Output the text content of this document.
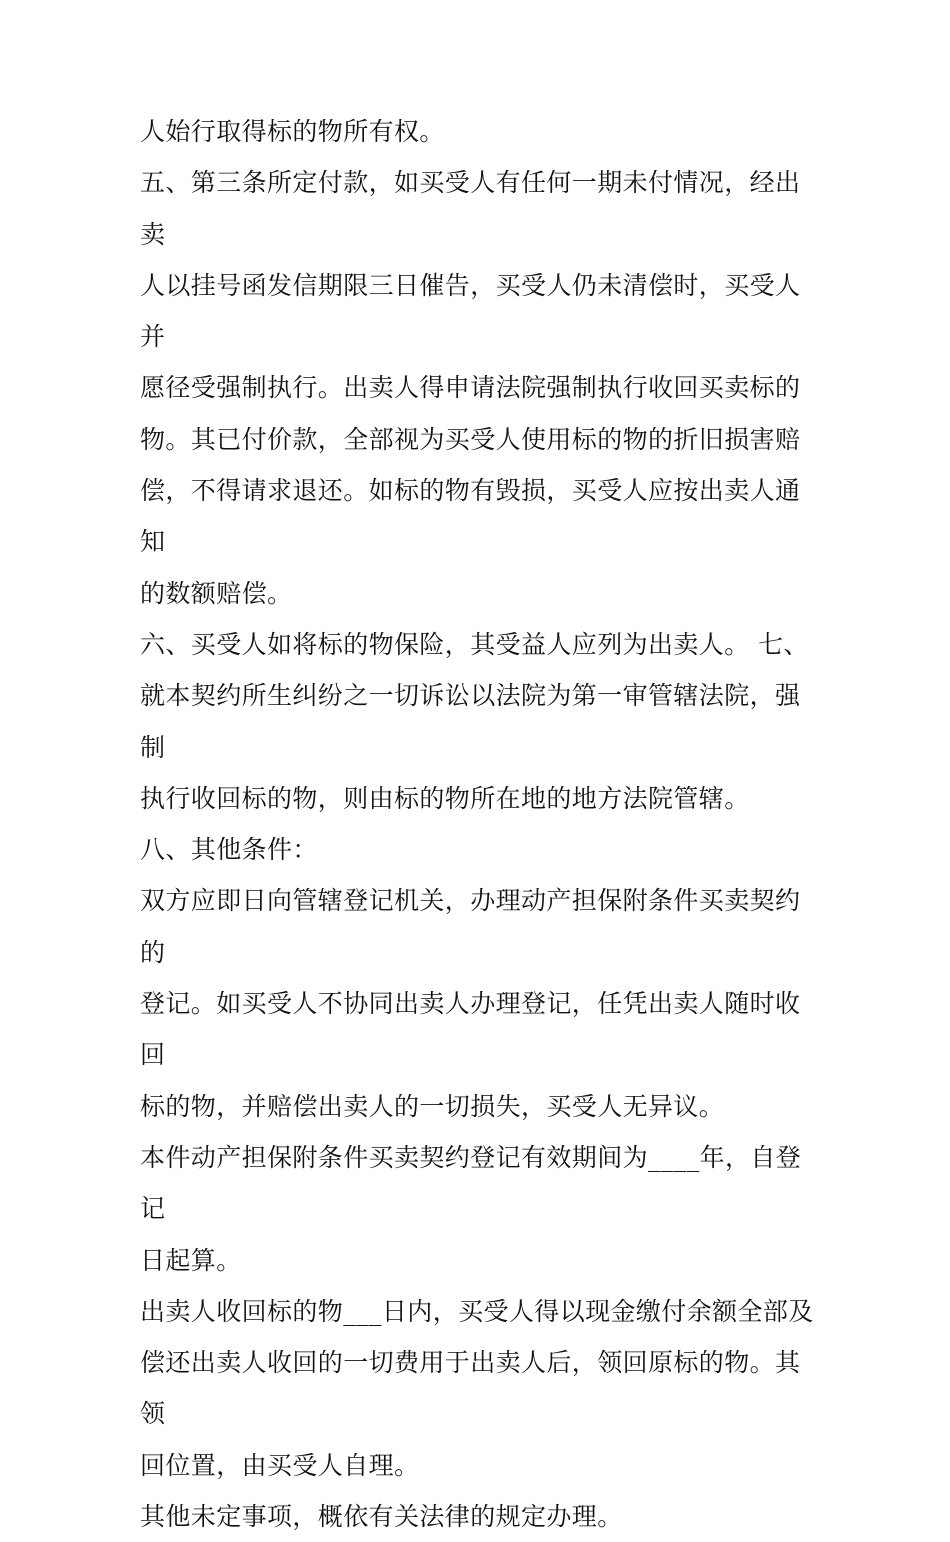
人始行取得标的物所有权。

五、第三条所定付款，如买受人有任何一期未付情况，经出卖

人以挂号函发信期限三日催告，买受人仍未清偿时，买受人并

愿径受强制执行。出卖人得申请法院强制执行收回买卖标的

物。其已付价款，全部视为买受人使用标的物的折旧损害赔

偿，不得请求退还。如标的物有毁损，买受人应按出卖人通知

的数额赔偿。

六、买受人如将标的物保险，其受益人应列为出卖人。 七、

就本契约所生纠纷之一切诉讼以法院为第一审管辖法院，强制

执行收回标的物，则由标的物所在地的地方法院管辖。

八、其他条件：

双方应即日向管辖登记机关，办理动产担保附条件买卖契约的

登记。如买受人不协同出卖人办理登记，任凭出卖人随时收回

标的物，并赔偿出卖人的一切损失，买受人无异议。

本件动产担保附条件买卖契约登记有效期间为____年，自登记

日起算。

出卖人收回标的物___日内，买受人得以现金缴付余额全部及

偿还出卖人收回的一切费用于出卖人后，领回原标的物。其领

回位置，由买受人自理。

其他未定事项，概依有关法律的规定办理。
